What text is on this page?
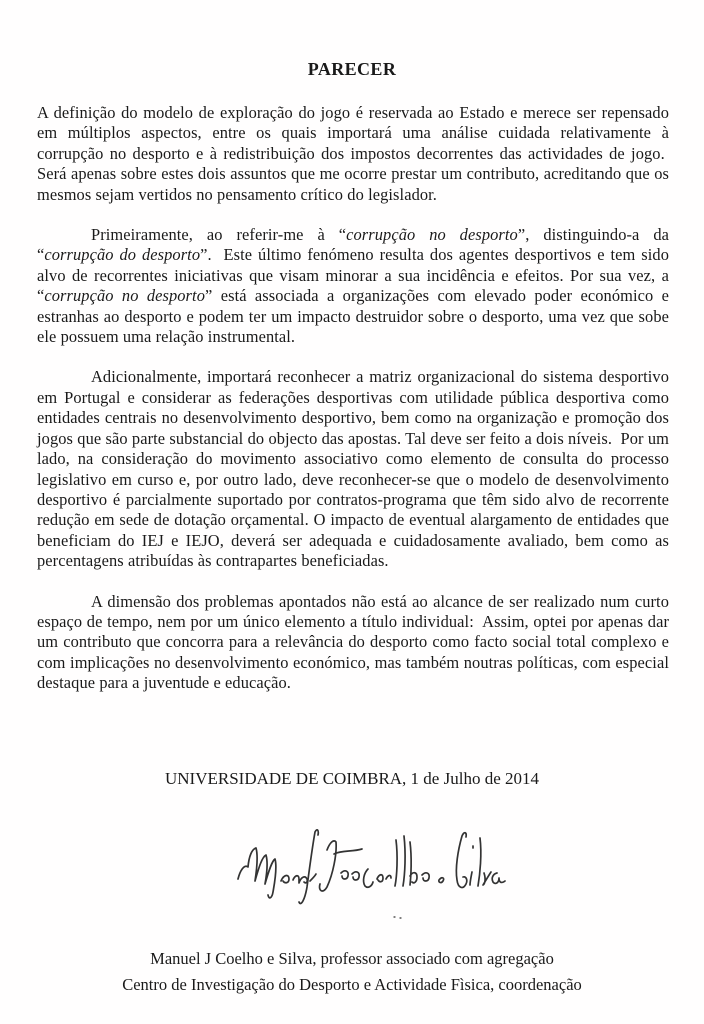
PARECER

A definição do modelo de exploração do jogo é reservada ao Estado e merece ser repensado em múltiplos aspectos, entre os quais importará uma análise cuidada relativamente à corrupção no desporto e à redistribuição dos impostos decorrentes das actividades de jogo.  Será apenas sobre estes dois assuntos que me ocorre prestar um contributo, acreditando que os mesmos sejam vertidos no pensamento crítico do legislador.

Primeiramente, ao referir-me à “corrupção no desporto”, distinguindo-a da “corrupção do desporto”.  Este último fenómeno resulta dos agentes desportivos e tem sido alvo de recorrentes iniciativas que visam minorar a sua incidência e efeitos. Por sua vez, a “corrupção no desporto” está associada a organizações com elevado poder económico e estranhas ao desporto e podem ter um impacto destruidor sobre o desporto, uma vez que sobe ele possuem uma relação instrumental.

Adicionalmente, importará reconhecer a matriz organizacional do sistema desportivo em Portugal e considerar as federações desportivas com utilidade pública desportiva como entidades centrais no desenvolvimento desportivo, bem como na organização e promoção dos jogos que são parte substancial do objecto das apostas. Tal deve ser feito a dois níveis.  Por um lado, na consideração do movimento associativo como elemento de consulta do processo legislativo em curso e, por outro lado, deve reconhecer-se que o modelo de desenvolvimento desportivo é parcialmente suportado por contratos-programa que têm sido alvo de recorrente redução em sede de dotação orçamental. O impacto de eventual alargamento de entidades que beneficiam do IEJ e IEJO, deverá ser adequada e cuidadosamente avaliado, bem como as percentagens atribuídas às contrapartes beneficiadas.

A dimensão dos problemas apontados não está ao alcance de ser realizado num curto espaço de tempo, nem por um único elemento a título individual:  Assim, optei por apenas dar um contributo que concorra para a relevância do desporto como facto social total complexo e com implicações no desenvolvimento económico, mas também noutras políticas, com especial destaque para a juventude e educação.

UNIVERSIDADE DE COIMBRA, 1 de Julho de 2014
Manuel J Coelho e Silva, professor associado com agregação
Centro de Investigação do Desporto e Actividade Fìsica, coordenação
